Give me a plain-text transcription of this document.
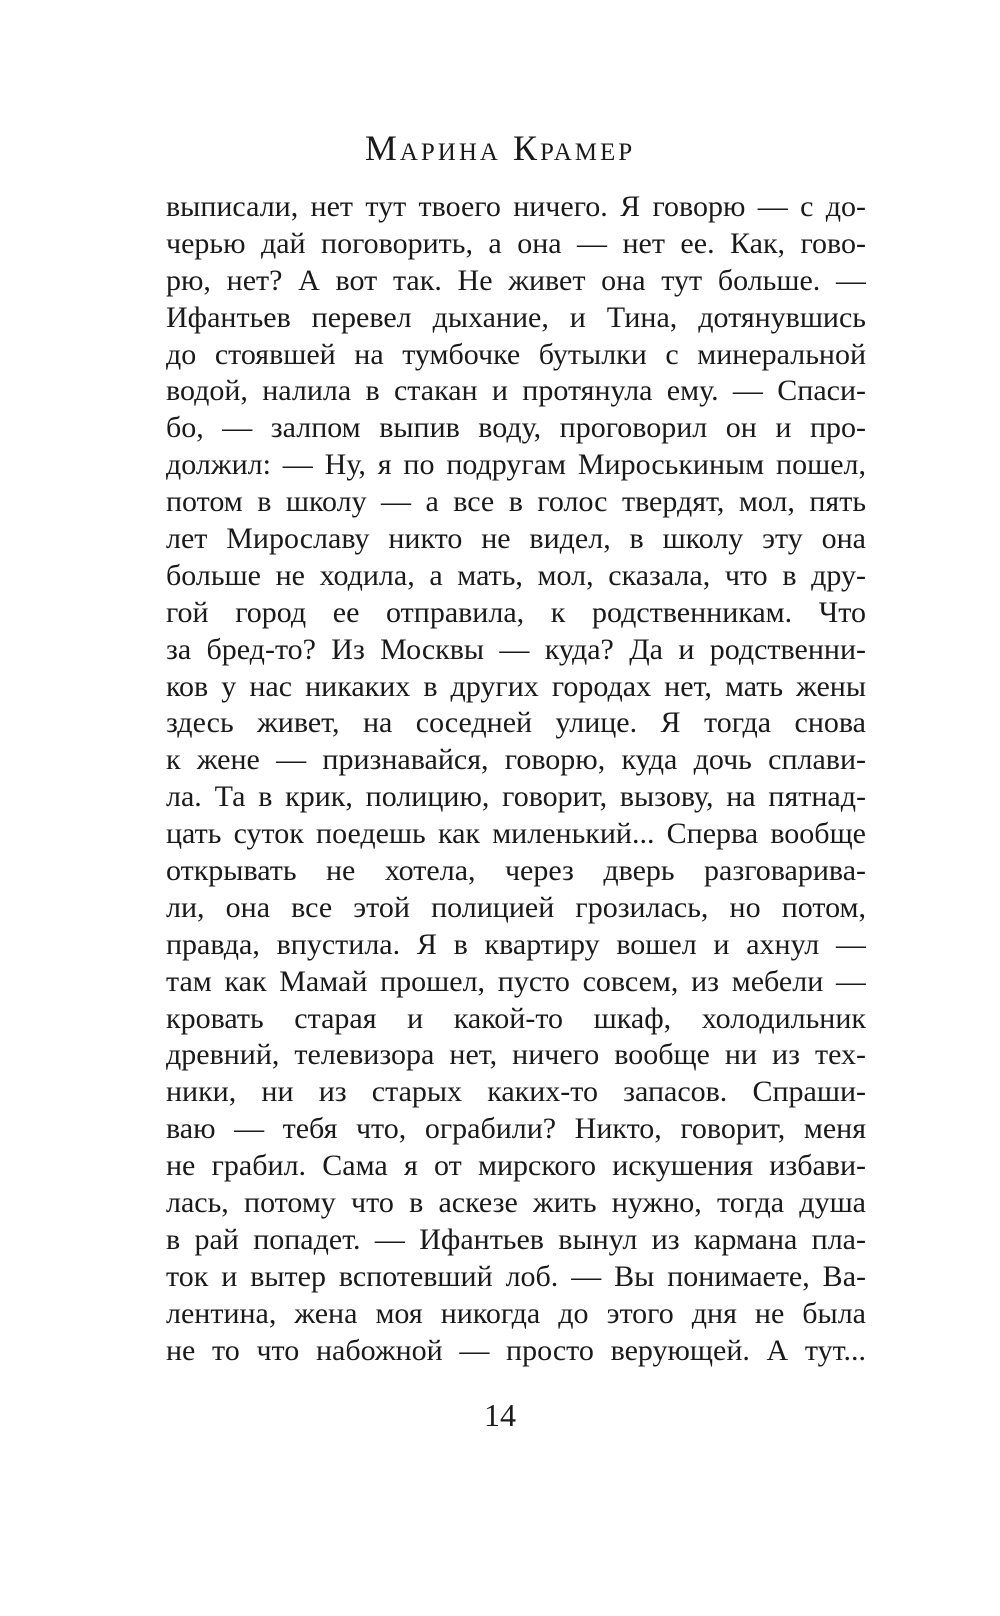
Марина Крамер
выписали, нет тут твоего ничего. Я говорю — с до-
черью дай поговорить, а она — нет ее. Как, гово-
рю, нет? А вот так. Не живет она тут больше. —
Ифантьев перевел дыхание, и Тина, дотянувшись
до стоявшей на тумбочке бутылки с минеральной
водой, налила в стакан и протянула ему. — Спаси-
бо, — залпом выпив воду, проговорил он и про-
должил: — Ну, я по подругам Мироськиным пошел,
потом в школу — а все в голос твердят, мол, пять
лет Мирославу никто не видел, в школу эту она
больше не ходила, а мать, мол, сказала, что в дру-
гой город ее отправила, к родственникам. Что
за бред-то? Из Москвы — куда? Да и родственни-
ков у нас никаких в других городах нет, мать жены
здесь живет, на соседней улице. Я тогда снова
к жене — признавайся, говорю, куда дочь сплави-
ла. Та в крик, полицию, говорит, вызову, на пятнад-
цать суток поедешь как миленький... Сперва вообще
открывать не хотела, через дверь разговарива-
ли, она все этой полицией грозилась, но потом,
правда, впустила. Я в квартиру вошел и ахнул —
там как Мамай прошел, пусто совсем, из мебели —
кровать старая и какой-то шкаф, холодильник
древний, телевизора нет, ничего вообще ни из тех-
ники, ни из старых каких-то запасов. Спраши-
ваю — тебя что, ограбили? Никто, говорит, меня
не грабил. Сама я от мирского искушения избави-
лась, потому что в аскезе жить нужно, тогда душа
в рай попадет. — Ифантьев вынул из кармана пла-
ток и вытер вспотевший лоб. — Вы понимаете, Ва-
лентина, жена моя никогда до этого дня не была
не то что набожной — просто верующей. А тут...
14
